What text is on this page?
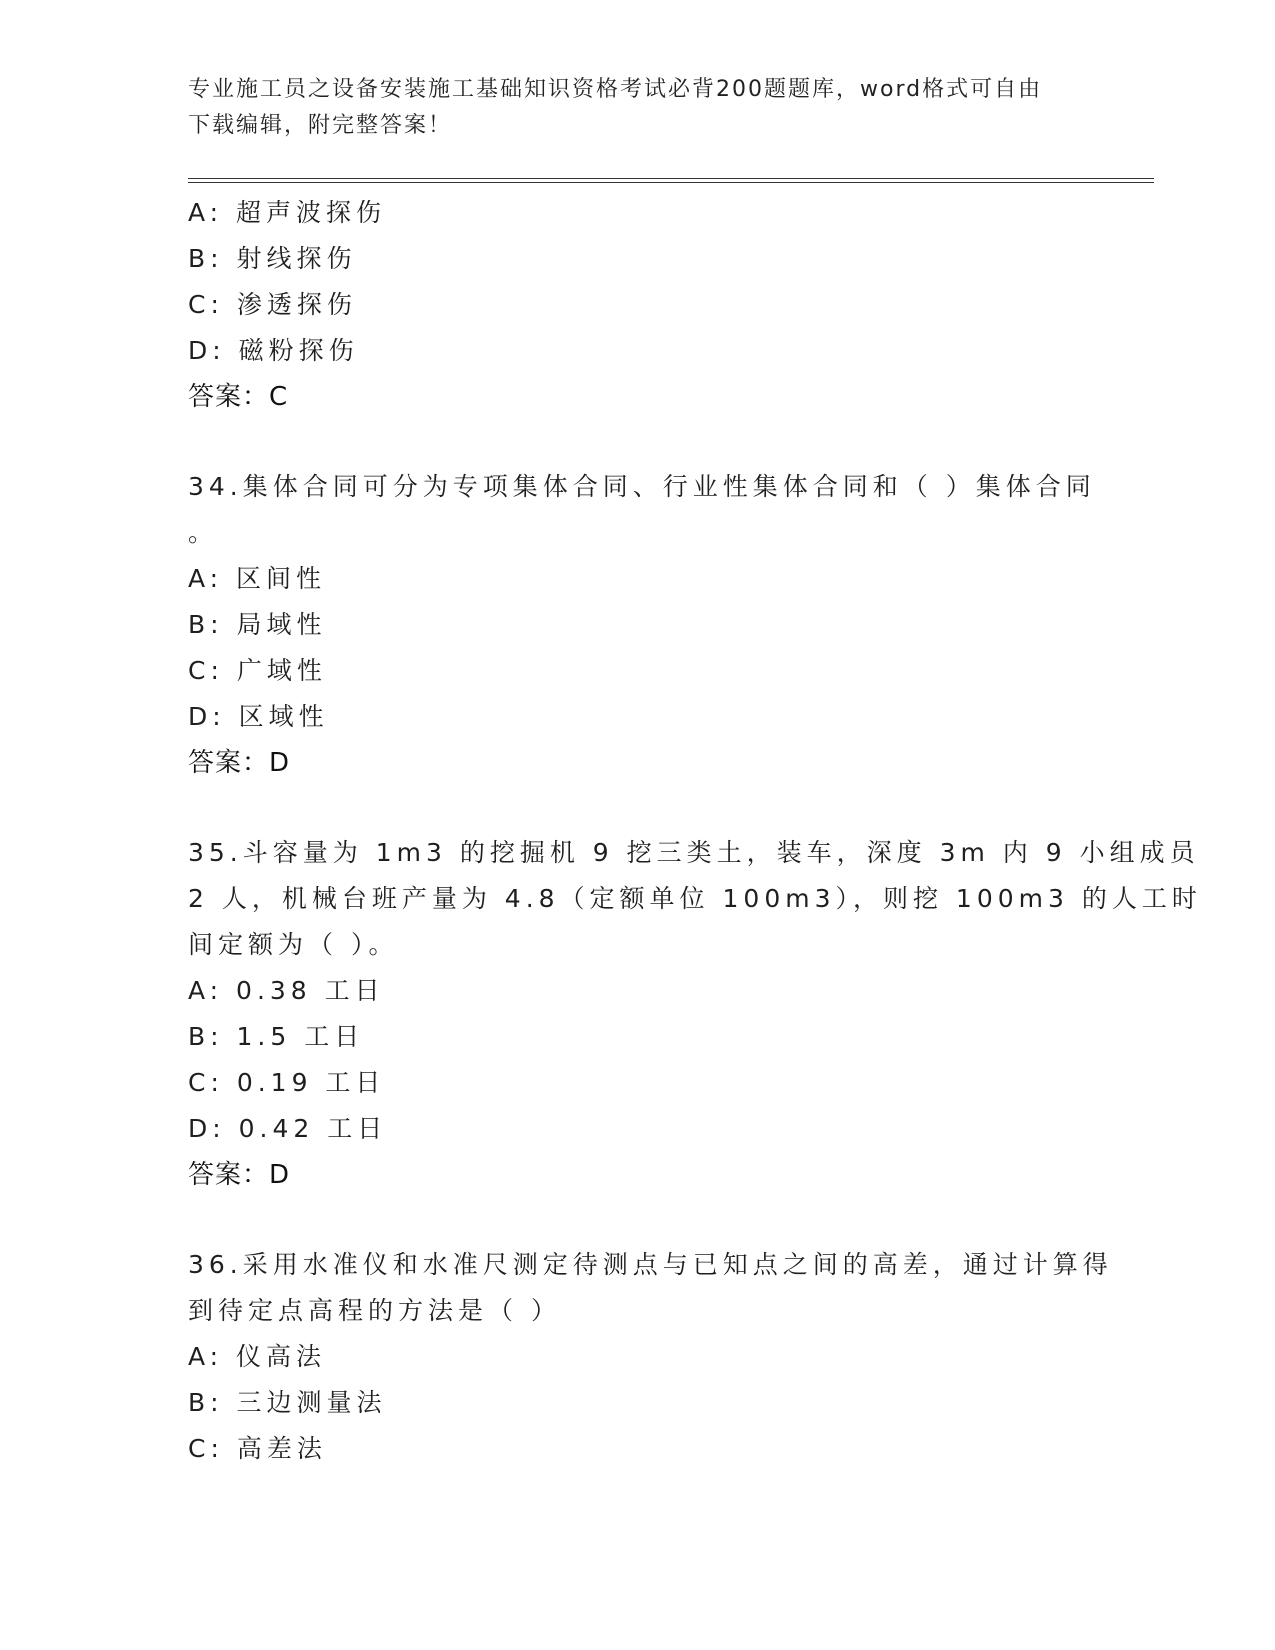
专业施工员之设备安装施工基础知识资格考试必背200题题库，word格式可自由
下载编辑，附完整答案！
A: 超声波探伤
B: 射线探伤
C: 渗透探伤
D: 磁粉探伤
答案：C
34.集体合同可分为专项集体合同、行业性集体合同和（ ）集体合同
。
A: 区间性
B: 局域性
C: 广域性
D: 区域性
答案：D
35.斗容量为 1m3 的挖掘机 9 挖三类土，装车，深度 3m 内 9 小组成员
2 人，机械台班产量为 4.8（定额单位 100m3），则挖 100m3 的人工时
间定额为（ ）。
A: 0.38 工日
B: 1.5 工日
C: 0.19 工日
D: 0.42 工日
答案：D
36.采用水准仪和水准尺测定待测点与已知点之间的高差，通过计算得
到待定点高程的方法是（ ）
A: 仪高法
B: 三边测量法
C: 高差法
